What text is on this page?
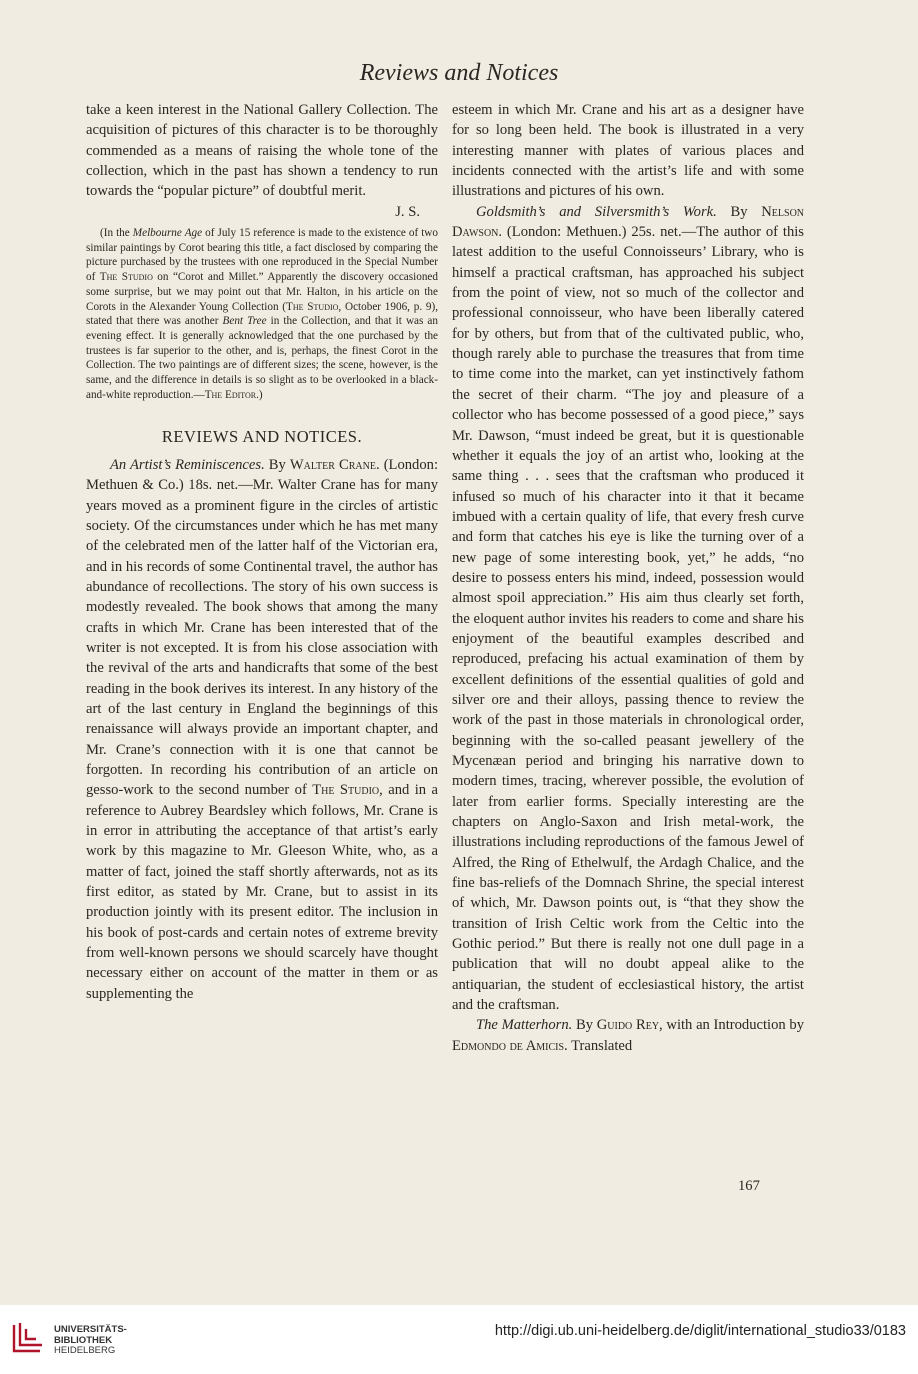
Reviews and Notices

take a keen interest in the National Gallery Collection. The acquisition of pictures of this character is to be thoroughly commended as a means of raising the whole tone of the collection, which in the past has shown a tendency to run towards the “popular picture” of doubtful merit.

J. S.

(In the Melbourne Age of July 15 reference is made to the existence of two similar paintings by Corot bearing this title, a fact disclosed by comparing the picture purchased by the trustees with one reproduced in the Special Number of The Studio on “Corot and Millet.” Apparently the discovery occasioned some surprise, but we may point out that Mr. Halton, in his article on the Corots in the Alexander Young Collection (The Studio, October 1906, p. 9), stated that there was another Bent Tree in the Collection, and that it was an evening effect. It is generally acknowledged that the one purchased by the trustees is far superior to the other, and is, perhaps, the finest Corot in the Collection. The two paintings are of different sizes; the scene, however, is the same, and the difference in details is so slight as to be overlooked in a black-and-white reproduction.—The Editor.)

REVIEWS AND NOTICES.

An Artist’s Reminiscences. By Walter Crane. (London: Methuen & Co.) 18s. net.—Mr. Walter Crane has for many years moved as a prominent figure in the circles of artistic society. Of the circumstances under which he has met many of the celebrated men of the latter half of the Victorian era, and in his records of some Continental travel, the author has abundance of recollections. The story of his own success is modestly revealed. The book shows that among the many crafts in which Mr. Crane has been interested that of the writer is not excepted. It is from his close association with the revival of the arts and handicrafts that some of the best reading in the book derives its interest. In any history of the art of the last century in England the beginnings of this renaissance will always provide an important chapter, and Mr. Crane’s connection with it is one that cannot be forgotten. In recording his contribution of an article on gesso-work to the second number of The Studio, and in a reference to Aubrey Beardsley which follows, Mr. Crane is in error in attributing the acceptance of that artist’s early work by this magazine to Mr. Gleeson White, who, as a matter of fact, joined the staff shortly afterwards, not as its first editor, as stated by Mr. Crane, but to assist in its production jointly with its present editor. The inclusion in his book of post-cards and certain notes of extreme brevity from well-known persons we should scarcely have thought necessary either on account of the matter in them or as supplementing the

esteem in which Mr. Crane and his art as a designer have for so long been held. The book is illustrated in a very interesting manner with plates of various places and incidents connected with the artist’s life and with some illustrations and pictures of his own.

Goldsmith’s and Silversmith’s Work. By Nelson Dawson. (London: Methuen.) 25s. net.—The author of this latest addition to the useful Connoisseurs’ Library, who is himself a practical craftsman, has approached his subject from the point of view, not so much of the collector and professional connoisseur, who have been liberally catered for by others, but from that of the cultivated public, who, though rarely able to purchase the treasures that from time to time come into the market, can yet instinctively fathom the secret of their charm. “The joy and pleasure of a collector who has become possessed of a good piece,” says Mr. Dawson, “must indeed be great, but it is questionable whether it equals the joy of an artist who, looking at the same thing . . . sees that the craftsman who produced it infused so much of his character into it that it became imbued with a certain quality of life, that every fresh curve and form that catches his eye is like the turning over of a new page of some interesting book, yet,” he adds, “no desire to possess enters his mind, indeed, possession would almost spoil appreciation.” His aim thus clearly set forth, the eloquent author invites his readers to come and share his enjoyment of the beautiful examples described and reproduced, prefacing his actual examination of them by excellent definitions of the essential qualities of gold and silver ore and their alloys, passing thence to review the work of the past in those materials in chronological order, beginning with the so-called peasant jewellery of the Mycenæan period and bringing his narrative down to modern times, tracing, wherever possible, the evolution of later from earlier forms. Specially interesting are the chapters on Anglo-Saxon and Irish metal-work, the illustrations including reproductions of the famous Jewel of Alfred, the Ring of Ethelwulf, the Ardagh Chalice, and the fine bas-reliefs of the Domnach Shrine, the special interest of which, Mr. Dawson points out, is “that they show the transition of Irish Celtic work from the Celtic into the Gothic period.” But there is really not one dull page in a publication that will no doubt appeal alike to the antiquarian, the student of ecclesiastical history, the artist and the craftsman.

The Matterhorn. By Guido Rey, with an Introduction by Edmondo de Amicis. Translated

167
UNIVERSITÄTS-
BIBLIOTHEK
HEIDELBERG
http://digi.ub.uni-heidelberg.de/diglit/international_studio33/0183
